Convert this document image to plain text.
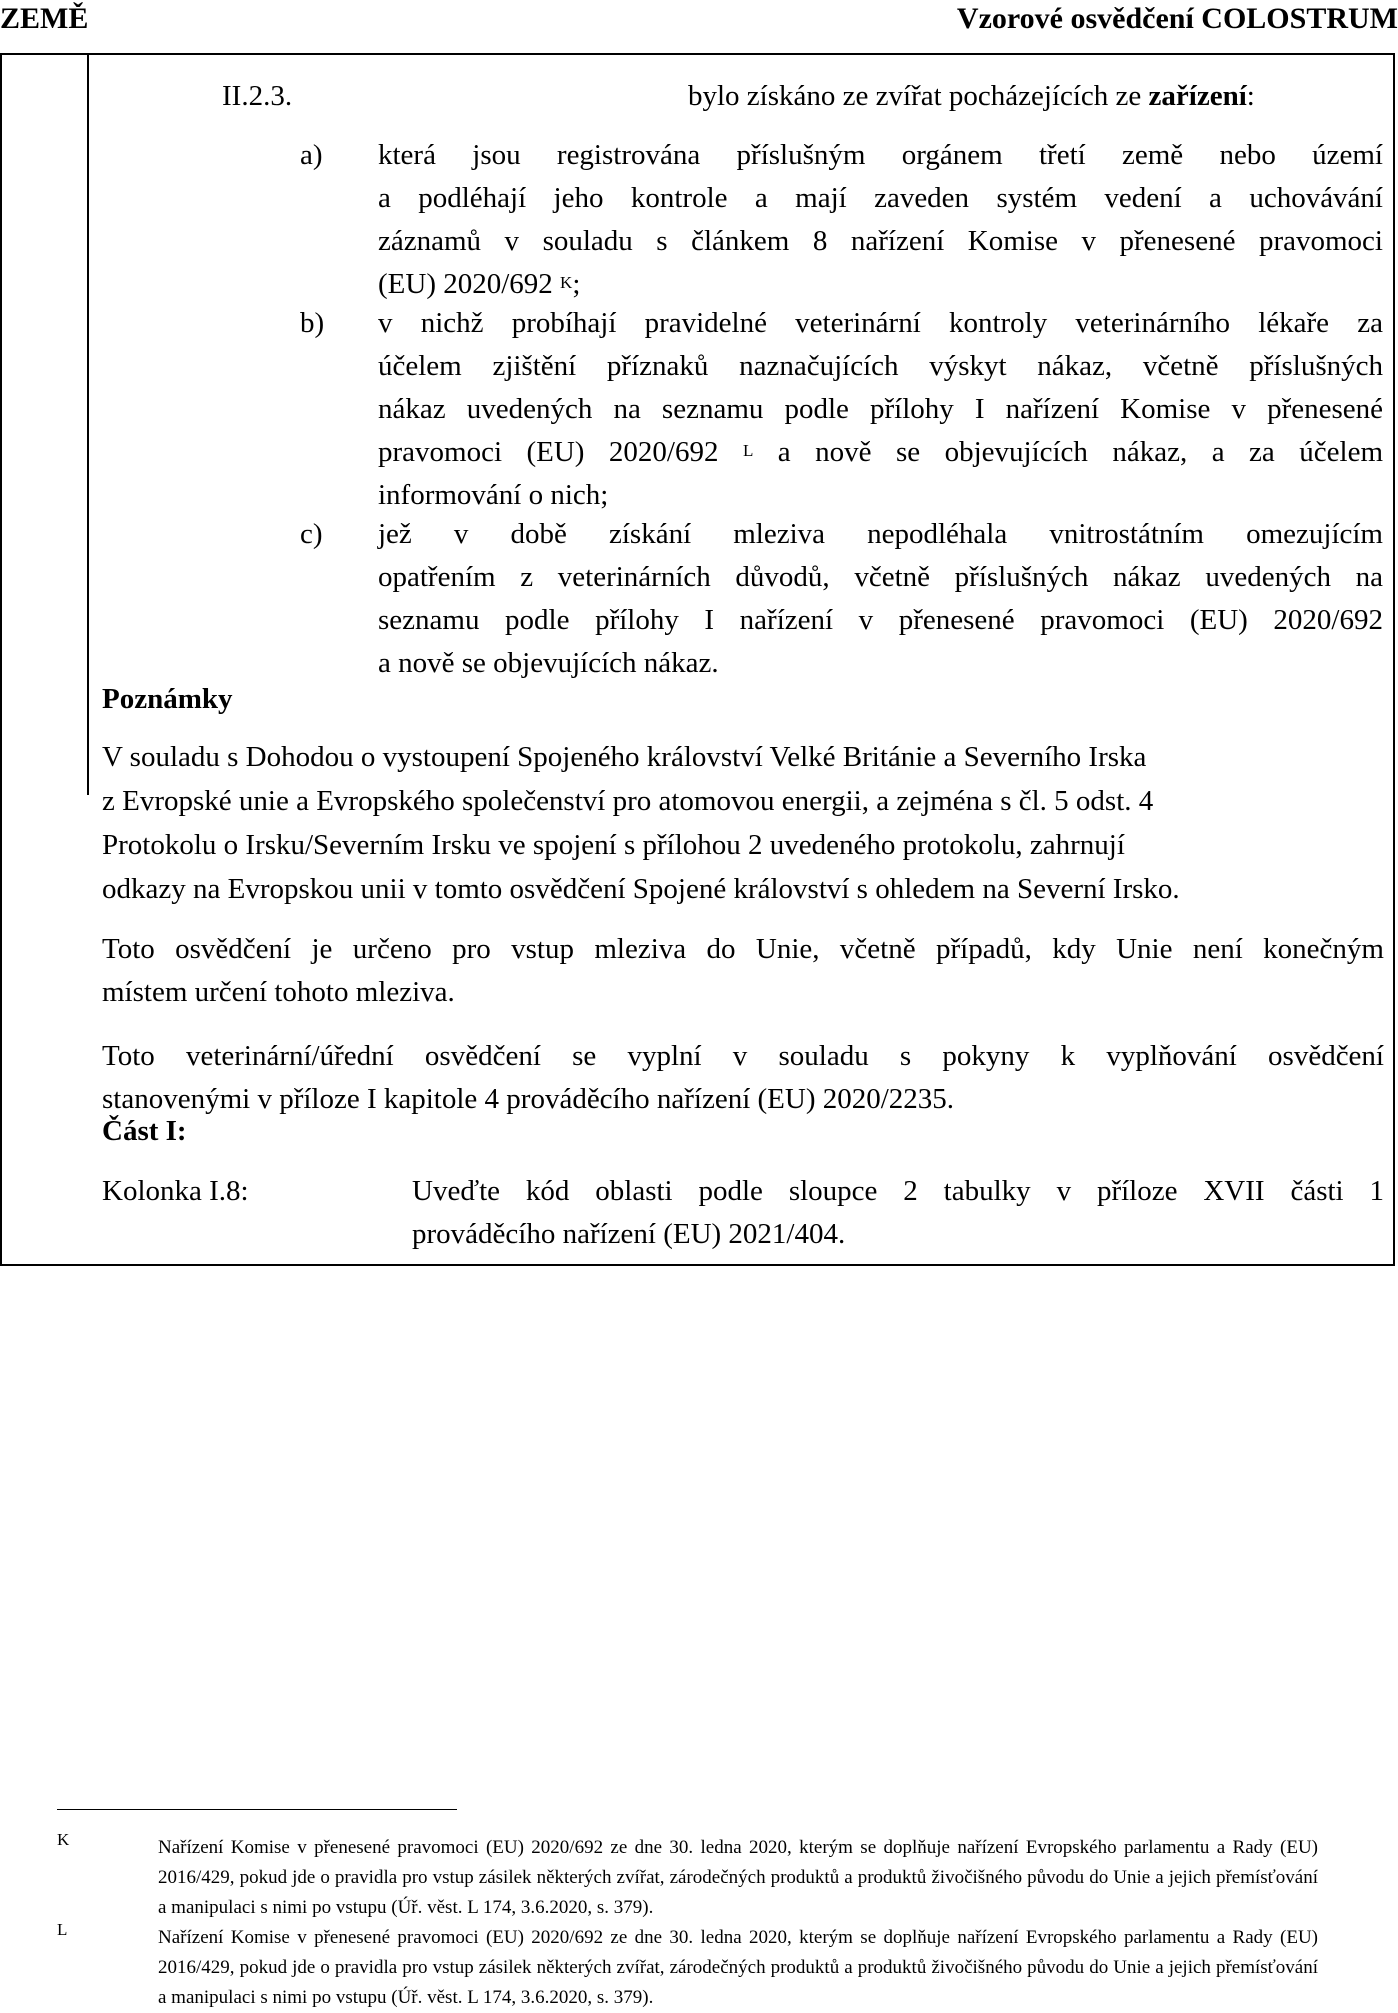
ZEMĚ	Vzorové osvědčení COLOSTRUM
II.2.3.	bylo získáno ze zvířat pocházejících ze zařízení:
a) která jsou registrována příslušným orgánem třetí země nebo území
a podléhají jeho kontrole a mají zaveden systém vedení a uchovávání
záznamů v souladu s článkem 8 nařízení Komise v přenesené pravomoci
(EU) 2020/692 $^K$;
b) v nichž probíhají pravidelné veterinární kontroly veterinárního lékaře za
účelem zjištění příznaků naznačujících výskyt nákaz, včetně příslušných
nákaz uvedených na seznamu podle přílohy I nařízení Komise v přenesené
pravomoci (EU) 2020/692 $^L$ a nově se objevujících nákaz, a za účelem
informování o nich;
c) jež v době získání mleziva nepodléhala vnitrostátním omezujícím
opatřením z veterinárních důvodů, včetně příslušných nákaz uvedených na
seznamu podle přílohy I nařízení v přenesené pravomoci (EU) 2020/692
a nově se objevujících nákaz.
Poznámky
V souladu s Dohodou o vystoupení Spojeného království Velké Británie a Severního Irska
z Evropské unie a Evropského společenství pro atomovou energii, a zejména s čl. 5 odst. 4
Protokolu o Irsku/Severním Irsku ve spojení s přílohou 2 uvedeného protokolu, zahrnují
odkazy na Evropskou unii v tomto osvědčení Spojené království s ohledem na Severní Irsko.
Toto osvědčení je určeno pro vstup mleziva do Unie, včetně případů, kdy Unie není konečným
místem určení tohoto mleziva.
Toto veterinární/úřední osvědčení se vyplní v souladu s pokyny k vyplňování osvědčení
stanovenými v příloze I kapitole 4 prováděcího nařízení (EU) 2020/2235.
Část I:
Kolonka I.8:	Uveďte kód oblasti podle sloupce 2 tabulky v příloze XVII části 1
prováděcího nařízení (EU) 2021/404.
K	Nařízení Komise v přenesené pravomoci (EU) 2020/692 ze dne 30. ledna 2020, kterým se doplňuje nařízení Evropského parlamentu a Rady (EU) 2016/429, pokud jde o pravidla pro vstup zásilek některých zvířat, zárodečných produktů a produktů živočišného původu do Unie a jejich přemísťování a manipulaci s nimi po vstupu (Úř. věst. L 174, 3.6.2020, s. 379).
L	Nařízení Komise v přenesené pravomoci (EU) 2020/692 ze dne 30. ledna 2020, kterým se doplňuje nařízení Evropského parlamentu a Rady (EU) 2016/429, pokud jde o pravidla pro vstup zásilek některých zvířat, zárodečných produktů a produktů živočišného původu do Unie a jejich přemísťování a manipulaci s nimi po vstupu (Úř. věst. L 174, 3.6.2020, s. 379).
